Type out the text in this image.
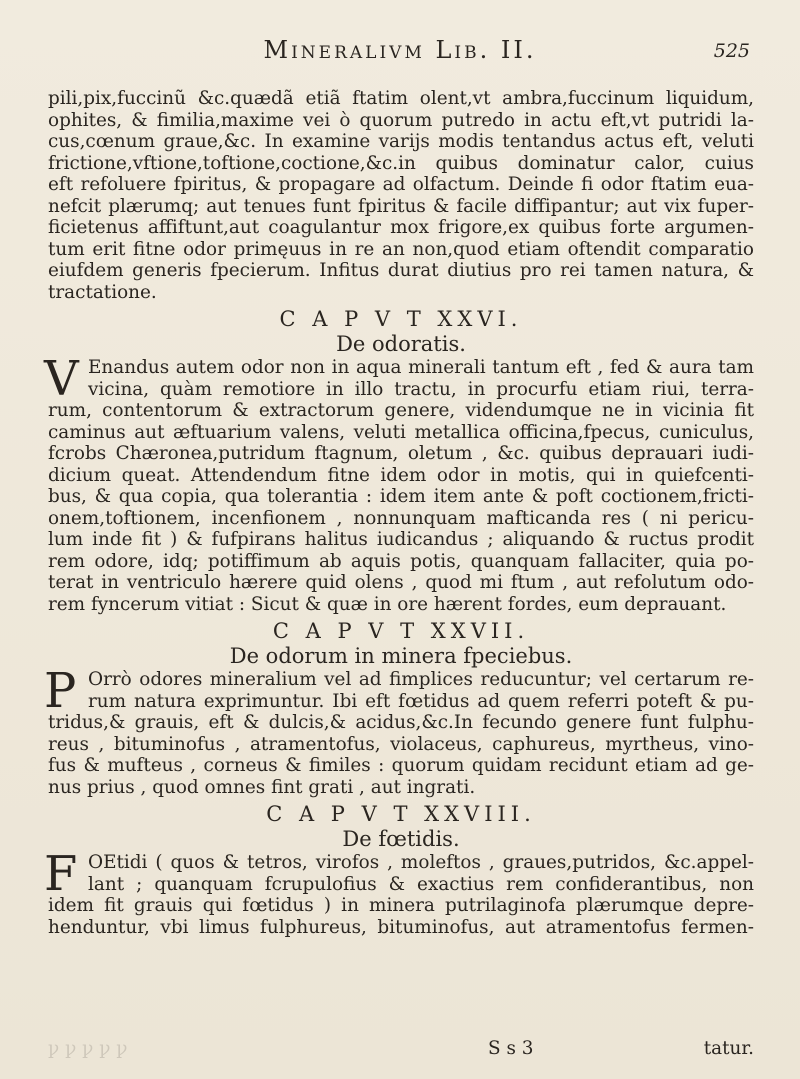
Mineralivm Lib. II.	525
pili,pix,fuccinũ &c.quædã etiã ftatim olent,vt ambra,fuccinum liquidum,
ophites, & fimilia,maxime vei ò quorum putredo in actu eft,vt putridi la-
cus,cœnum graue,&c. In examine varijs modis tentandus actus eft, veluti
frictione,vftione,toftione,coctione,&c.in quibus dominatur calor, cuius
eft refoluere fpiritus, & propagare ad olfactum. Deinde fi odor ftatim eua-
nefcit plærumq; aut tenues funt fpiritus & facile diffipantur; aut vix fuper-
ficietenus affiftunt,aut coagulantur mox frigore,ex quibus forte argumen-
tum erit fitne odor primęuus in re an non,quod etiam oftendit comparatio
eiufdem generis fpecierum. Infitus durat diutius pro rei tamen natura, &
tractatione.
C A P V T XXVI.
De odoratis.
V Enandus autem odor non in aqua minerali tantum eft , fed & aura tam
vicina, quàm remotiore in illo tractu, in procurfu etiam riui, terra-
rum, contentorum & extractorum genere, videndumque ne in vicinia fit
caminus aut æftuarium valens, veluti metallica officina,fpecus, cuniculus,
fcrobs Chæronea,putridum ftagnum, oletum , &c. quibus deprauari iudi-
dicium queat. Attendendum fitne idem odor in motis, qui in quiefcenti-
bus, & qua copia, qua tolerantia : idem item ante & poft coctionem,fricti-
onem,toftionem, incenfionem , nonnunquam mafticanda res ( ni pericu-
lum inde fit ) & fufpirans halitus iudicandus ; aliquando & ructus prodit
rem odore, idq; potiffimum ab aquis potis, quanquam fallaciter, quia po-
terat in ventriculo hærere quid olens , quod mi ftum , aut refolutum odo-
rem fyncerum vitiat : Sicut & quæ in ore hærent fordes, eum deprauant.
C A P V T XXVII.
De odorum in minera fpeciebus.
P Orrò odores mineralium vel ad fimplices reducuntur; vel certarum re-
rum natura exprimuntur. Ibi eft fœtidus ad quem referri poteft & pu-
tridus,& grauis, eft & dulcis,& acidus,&c.In fecundo genere funt fulphu-
reus , bituminofus , atramentofus, violaceus, caphureus, myrtheus, vino-
fus & mufteus , corneus & fimiles : quorum quidam recidunt etiam ad ge-
nus prius , quod omnes fint grati , aut ingrati.
C A P V T XXVIII.
De fœtidis.
F OEtidi ( quos & tetros, virofos , moleftos , graues,putridos, &c.appel-
lant ; quanquam fcrupulofius & exactius rem confiderantibus, non
idem fit grauis qui fœtidus ) in minera putrilaginofa plærumque depre-
henduntur, vbi limus fulphureus, bituminofus, aut atramentofus fermen-
ꝩ ꝩ ꝩ ꝩ ꝩ	S s 3	tatur.
